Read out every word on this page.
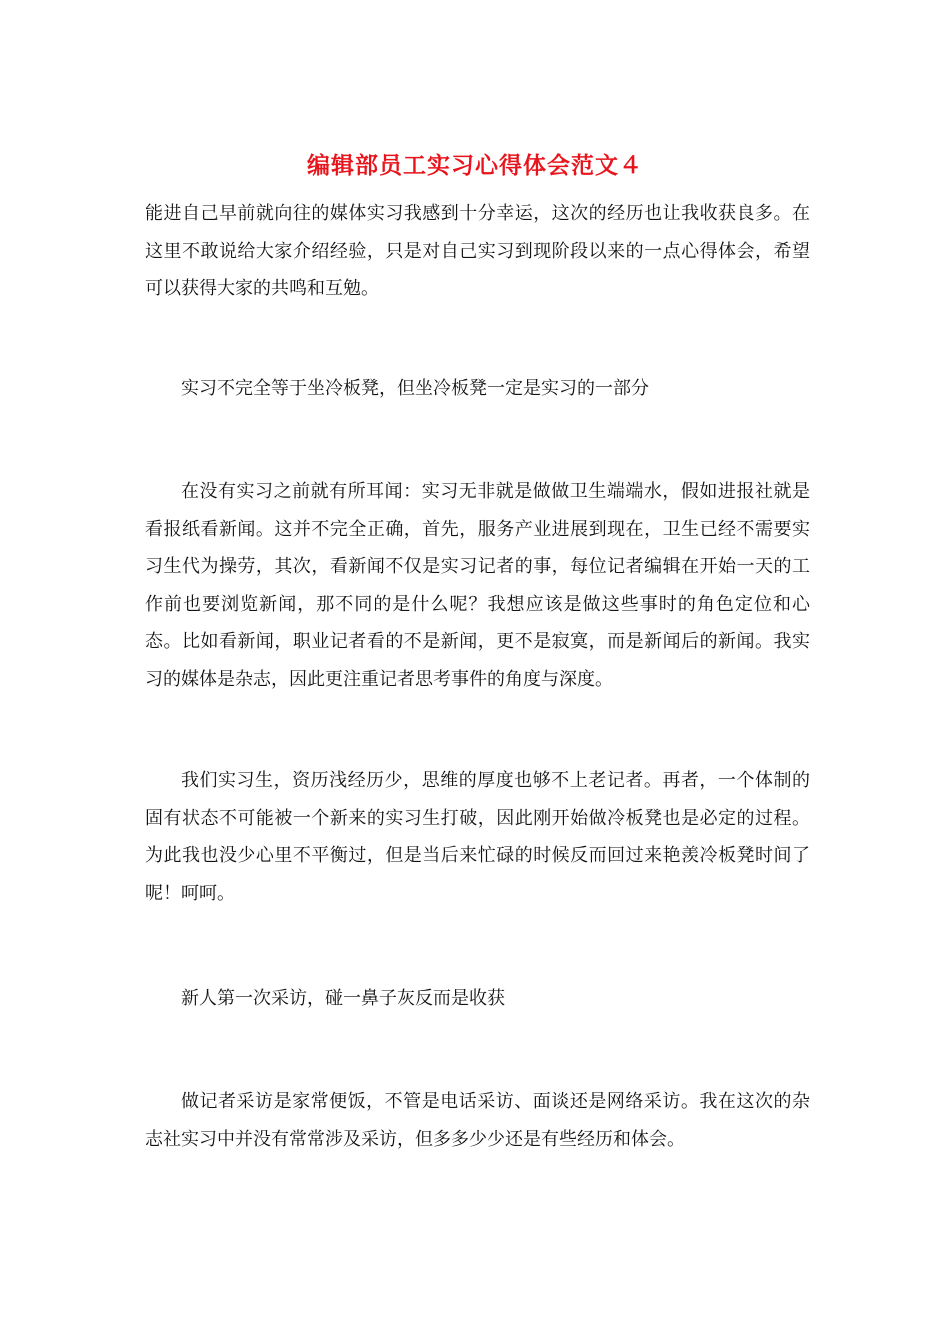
编辑部员工实习心得体会范文４

能进自己早前就向往的媒体实习我感到十分幸运，这次的经历也让我收获良多。在这里不敢说给大家介绍经验，只是对自己实习到现阶段以来的一点心得体会，希望可以获得大家的共鸣和互勉。

实习不完全等于坐冷板凳，但坐冷板凳一定是实习的一部分

在没有实习之前就有所耳闻：实习无非就是做做卫生端端水，假如进报社就是看报纸看新闻。这并不完全正确，首先，服务产业进展到现在，卫生已经不需要实习生代为操劳，其次，看新闻不仅是实习记者的事，每位记者编辑在开始一天的工作前也要浏览新闻，那不同的是什么呢？我想应该是做这些事时的角色定位和心态。比如看新闻，职业记者看的不是新闻，更不是寂寞，而是新闻后的新闻。我实习的媒体是杂志，因此更注重记者思考事件的角度与深度。

我们实习生，资历浅经历少，思维的厚度也够不上老记者。再者，一个体制的固有状态不可能被一个新来的实习生打破，因此刚开始做冷板凳也是必定的过程。为此我也没少心里不平衡过，但是当后来忙碌的时候反而回过来艳羡冷板凳时间了呢！呵呵。

新人第一次采访，碰一鼻子灰反而是收获

做记者采访是家常便饭，不管是电话采访、面谈还是网络采访。我在这次的杂志社实习中并没有常常涉及采访，但多多少少还是有些经历和体会。
